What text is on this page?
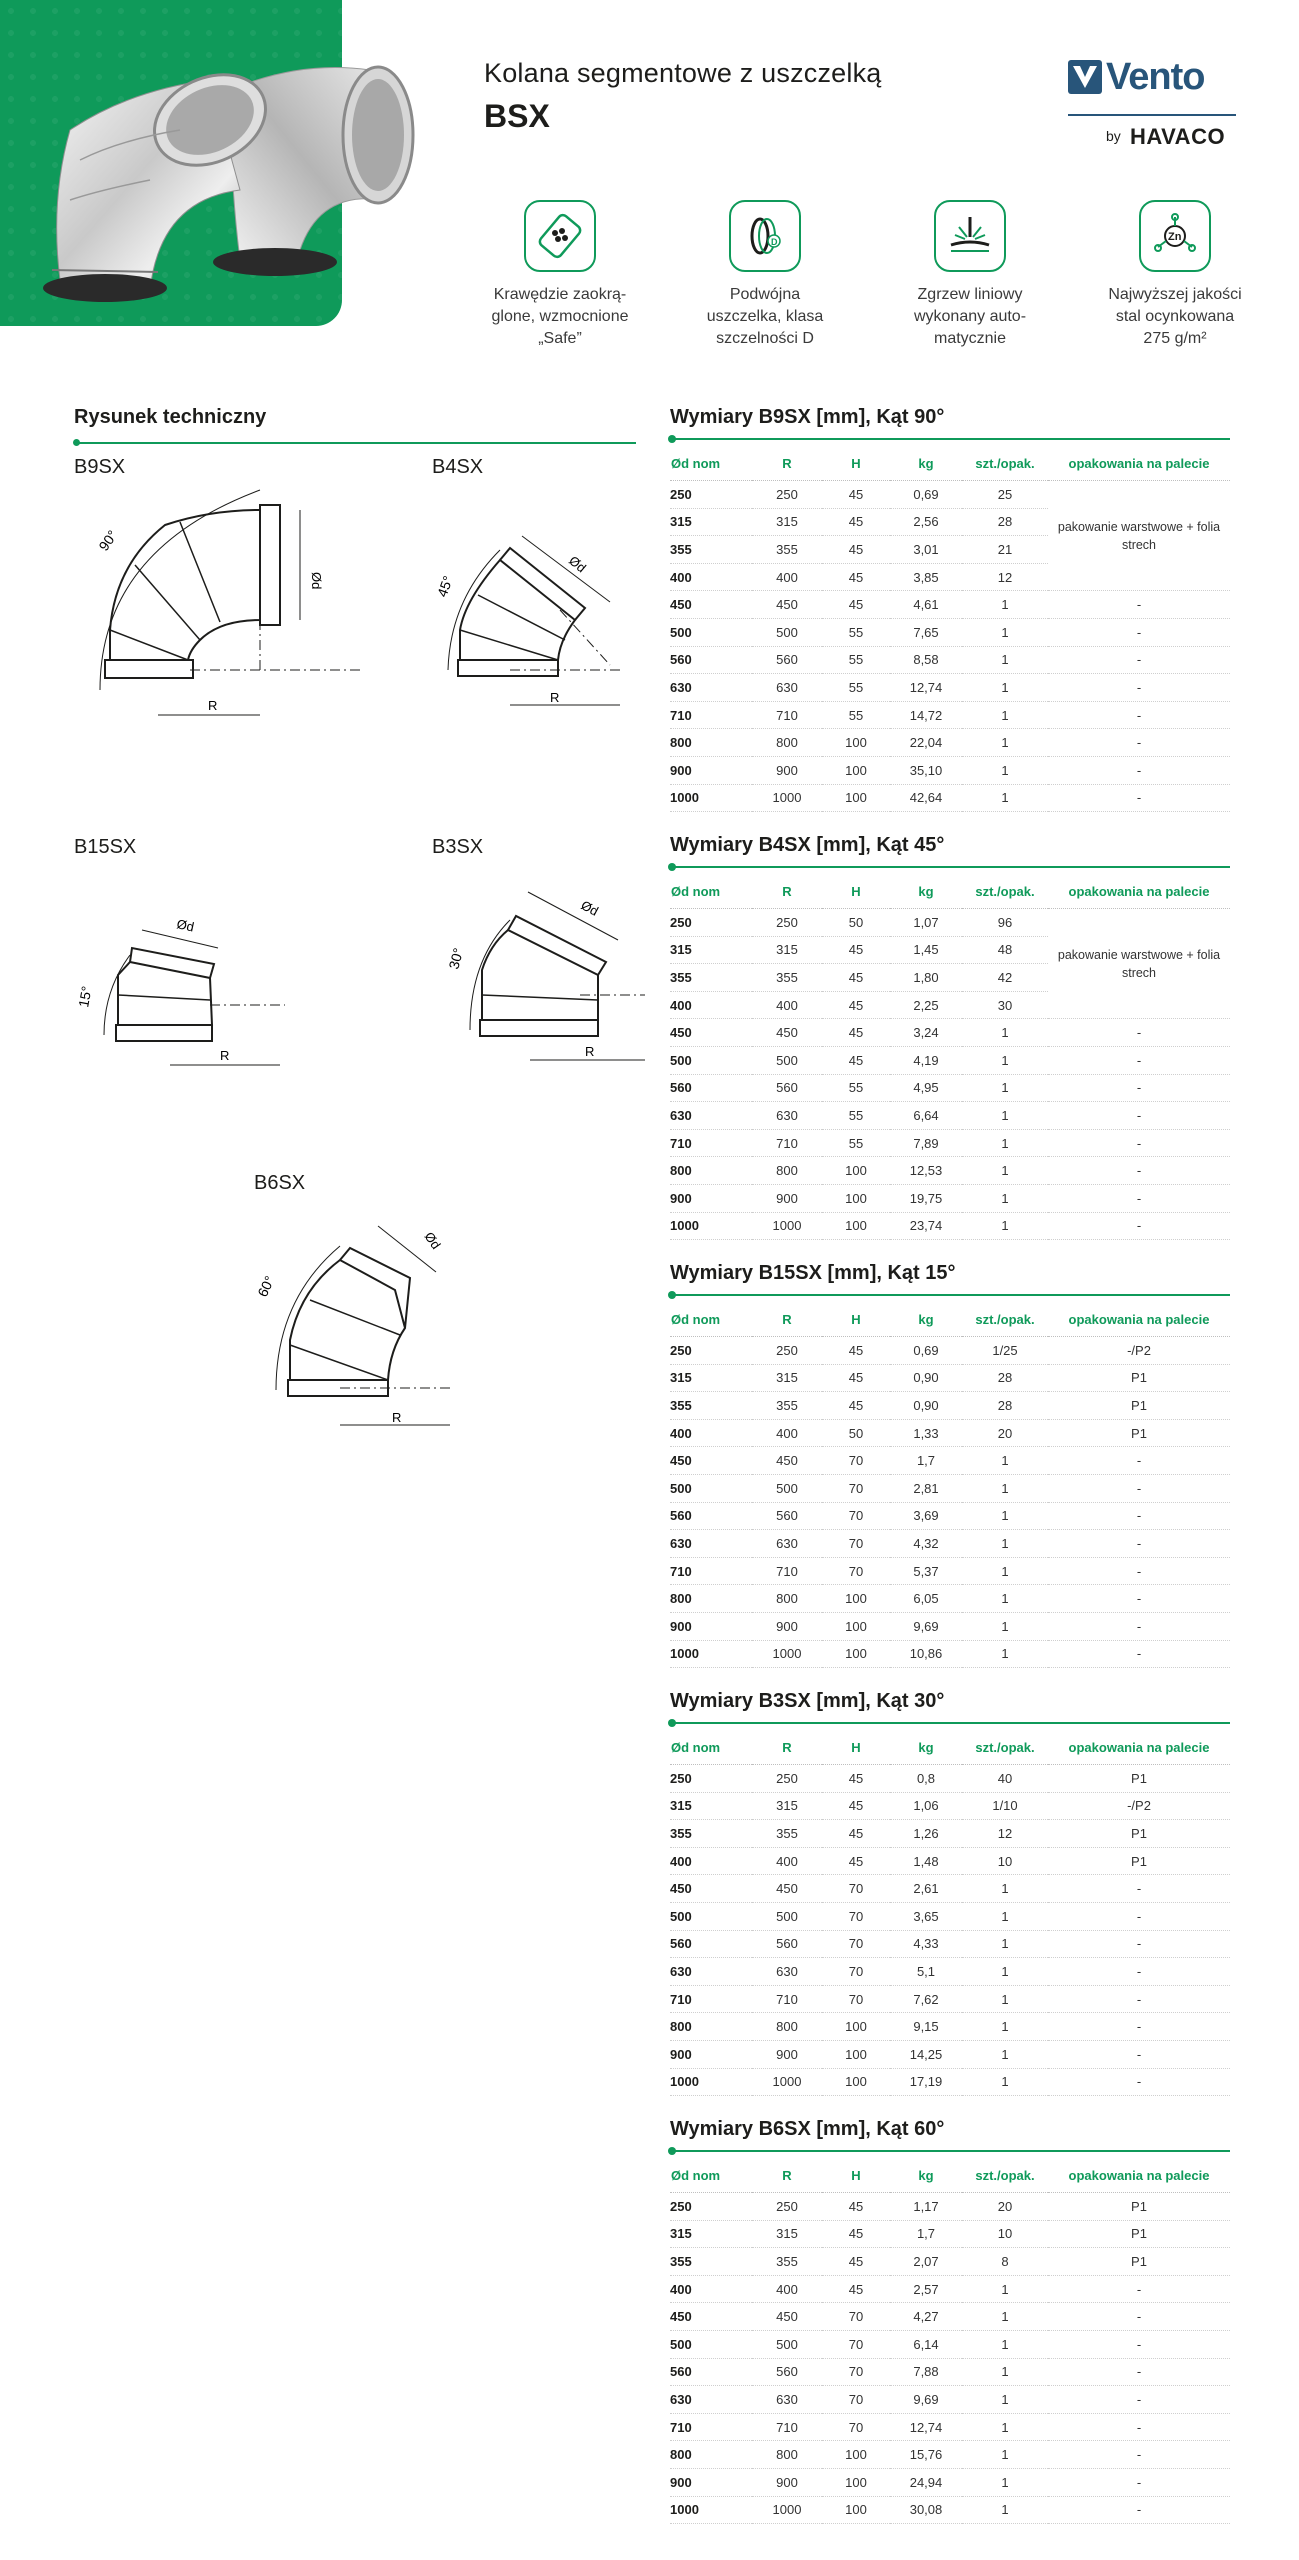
Kolana segmentowe z uszczelką
BSX
Vento
by HAVACO
Krawędzie zaokrą-
glone, wzmocnione
„Safe”
D
Podwójna
uszczelka, klasa
szczelności D
Zgrzew liniowy
wykonany auto-
matycznie
Zn
Najwyższej jakości
stal ocynkowana
275 g/m²
Rysunek techniczny
B9SX	B4SX
B15SX	B3SX
B6SX
90°
R
Ød	45°
R
Ød
15°
R
Ød
30°
R
Ød
60°
R
Ød
Wymiary B9SX [mm], Kąt 90°
Ød nom	R	H	kg	szt./opak.	opakowania na palecie
250	250	45	0,69	25	pakowanie warstwowe + folia strech
315	315	45	2,56	28	
355	355	45	3,01	21	
400	400	45	3,85	12	
450	450	45	4,61	1	-
500	500	55	7,65	1	-
560	560	55	8,58	1	-
630	630	55	12,74	1	-
710	710	55	14,72	1	-
800	800	100	22,04	1	-
900	900	100	35,10	1	-
1000	1000	100	42,64	1	-
Wymiary B4SX [mm], Kąt 45°
Ød nom	R	H	kg	szt./opak.	opakowania na palecie
250	250	50	1,07	96	pakowanie warstwowe + folia strech
315	315	45	1,45	48	
355	355	45	1,80	42	
400	400	45	2,25	30	
450	450	45	3,24	1	-
500	500	45	4,19	1	-
560	560	55	4,95	1	-
630	630	55	6,64	1	-
710	710	55	7,89	1	-
800	800	100	12,53	1	-
900	900	100	19,75	1	-
1000	1000	100	23,74	1	-
Wymiary B15SX [mm], Kąt 15°
Ød nom	R	H	kg	szt./opak.	opakowania na palecie
250	250	45	0,69	1/25	-/P2
315	315	45	0,90	28	P1
355	355	45	0,90	28	P1
400	400	50	1,33	20	P1
450	450	70	1,7	1	-
500	500	70	2,81	1	-
560	560	70	3,69	1	-
630	630	70	4,32	1	-
710	710	70	5,37	1	-
800	800	100	6,05	1	-
900	900	100	9,69	1	-
1000	1000	100	10,86	1	-
Wymiary B3SX [mm], Kąt 30°
Ød nom	R	H	kg	szt./opak.	opakowania na palecie
250	250	45	0,8	40	P1
315	315	45	1,06	1/10	-/P2
355	355	45	1,26	12	P1
400	400	45	1,48	10	P1
450	450	70	2,61	1	-
500	500	70	3,65	1	-
560	560	70	4,33	1	-
630	630	70	5,1	1	-
710	710	70	7,62	1	-
800	800	100	9,15	1	-
900	900	100	14,25	1	-
1000	1000	100	17,19	1	-
Wymiary B6SX [mm], Kąt 60°
Ød nom	R	H	kg	szt./opak.	opakowania na palecie
250	250	45	1,17	20	P1
315	315	45	1,7	10	P1
355	355	45	2,07	8	P1
400	400	45	2,57	1	-
450	450	70	4,27	1	-
500	500	70	6,14	1	-
560	560	70	7,88	1	-
630	630	70	9,69	1	-
710	710	70	12,74	1	-
800	800	100	15,76	1	-
900	900	100	24,94	1	-
1000	1000	100	30,08	1	-
